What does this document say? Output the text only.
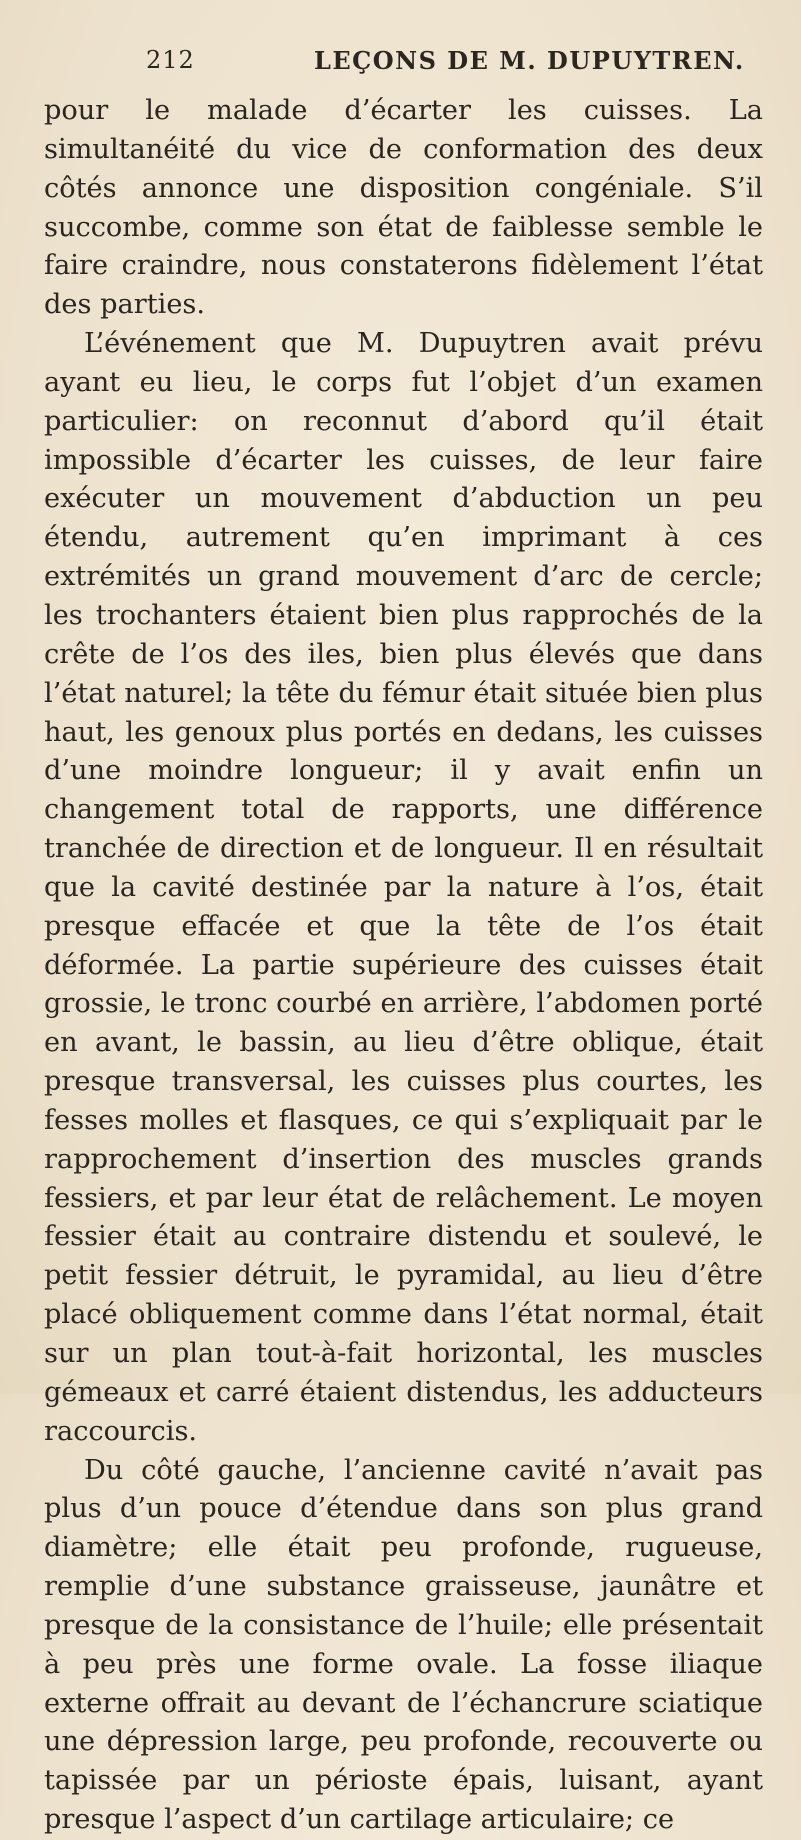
212	LEÇONS DE M. DUPUYTREN.

pour le malade d’écarter les cuisses. La simultanéité du vice de conformation des deux côtés annonce une disposition congéniale. S’il succombe, comme son état de faiblesse semble le faire craindre, nous constaterons fidèlement l’état des parties.

L’événement que M. Dupuytren avait prévu ayant eu lieu, le corps fut l’objet d’un examen particulier: on reconnut d’abord qu’il était impossible d’écarter les cuisses, de leur faire exécuter un mouvement d’abduction un peu étendu, autrement qu’en imprimant à ces extrémités un grand mouvement d’arc de cercle; les trochanters étaient bien plus rapprochés de la crête de l’os des iles, bien plus élevés que dans l’état naturel; la tête du fémur était située bien plus haut, les genoux plus portés en dedans, les cuisses d’une moindre longueur; il y avait enfin un changement total de rapports, une différence tranchée de direction et de longueur. Il en résultait que la cavité destinée par la nature à l’os, était presque effacée et que la tête de l’os était déformée. La partie supérieure des cuisses était grossie, le tronc courbé en arrière, l’abdomen porté en avant, le bassin, au lieu d’être oblique, était presque transversal, les cuisses plus courtes, les fesses molles et flasques, ce qui s’expliquait par le rapprochement d’insertion des muscles grands fessiers, et par leur état de relâchement. Le moyen fessier était au contraire distendu et soulevé, le petit fessier détruit, le pyramidal, au lieu d’être placé obliquement comme dans l’état normal, était sur un plan tout-à-fait horizontal, les muscles gémeaux et carré étaient distendus, les adducteurs raccourcis.

Du côté gauche, l’ancienne cavité n’avait pas plus d’un pouce d’étendue dans son plus grand diamètre; elle était peu profonde, rugueuse, remplie d’une substance graisseuse, jaunâtre et presque de la consistance de l’huile; elle présentait à peu près une forme ovale. La fosse iliaque externe offrait au devant de l’échancrure sciatique une dépression large, peu profonde, recouverte ou tapissée par un périoste épais, luisant, ayant presque l’aspect d’un cartilage articulaire; ce
